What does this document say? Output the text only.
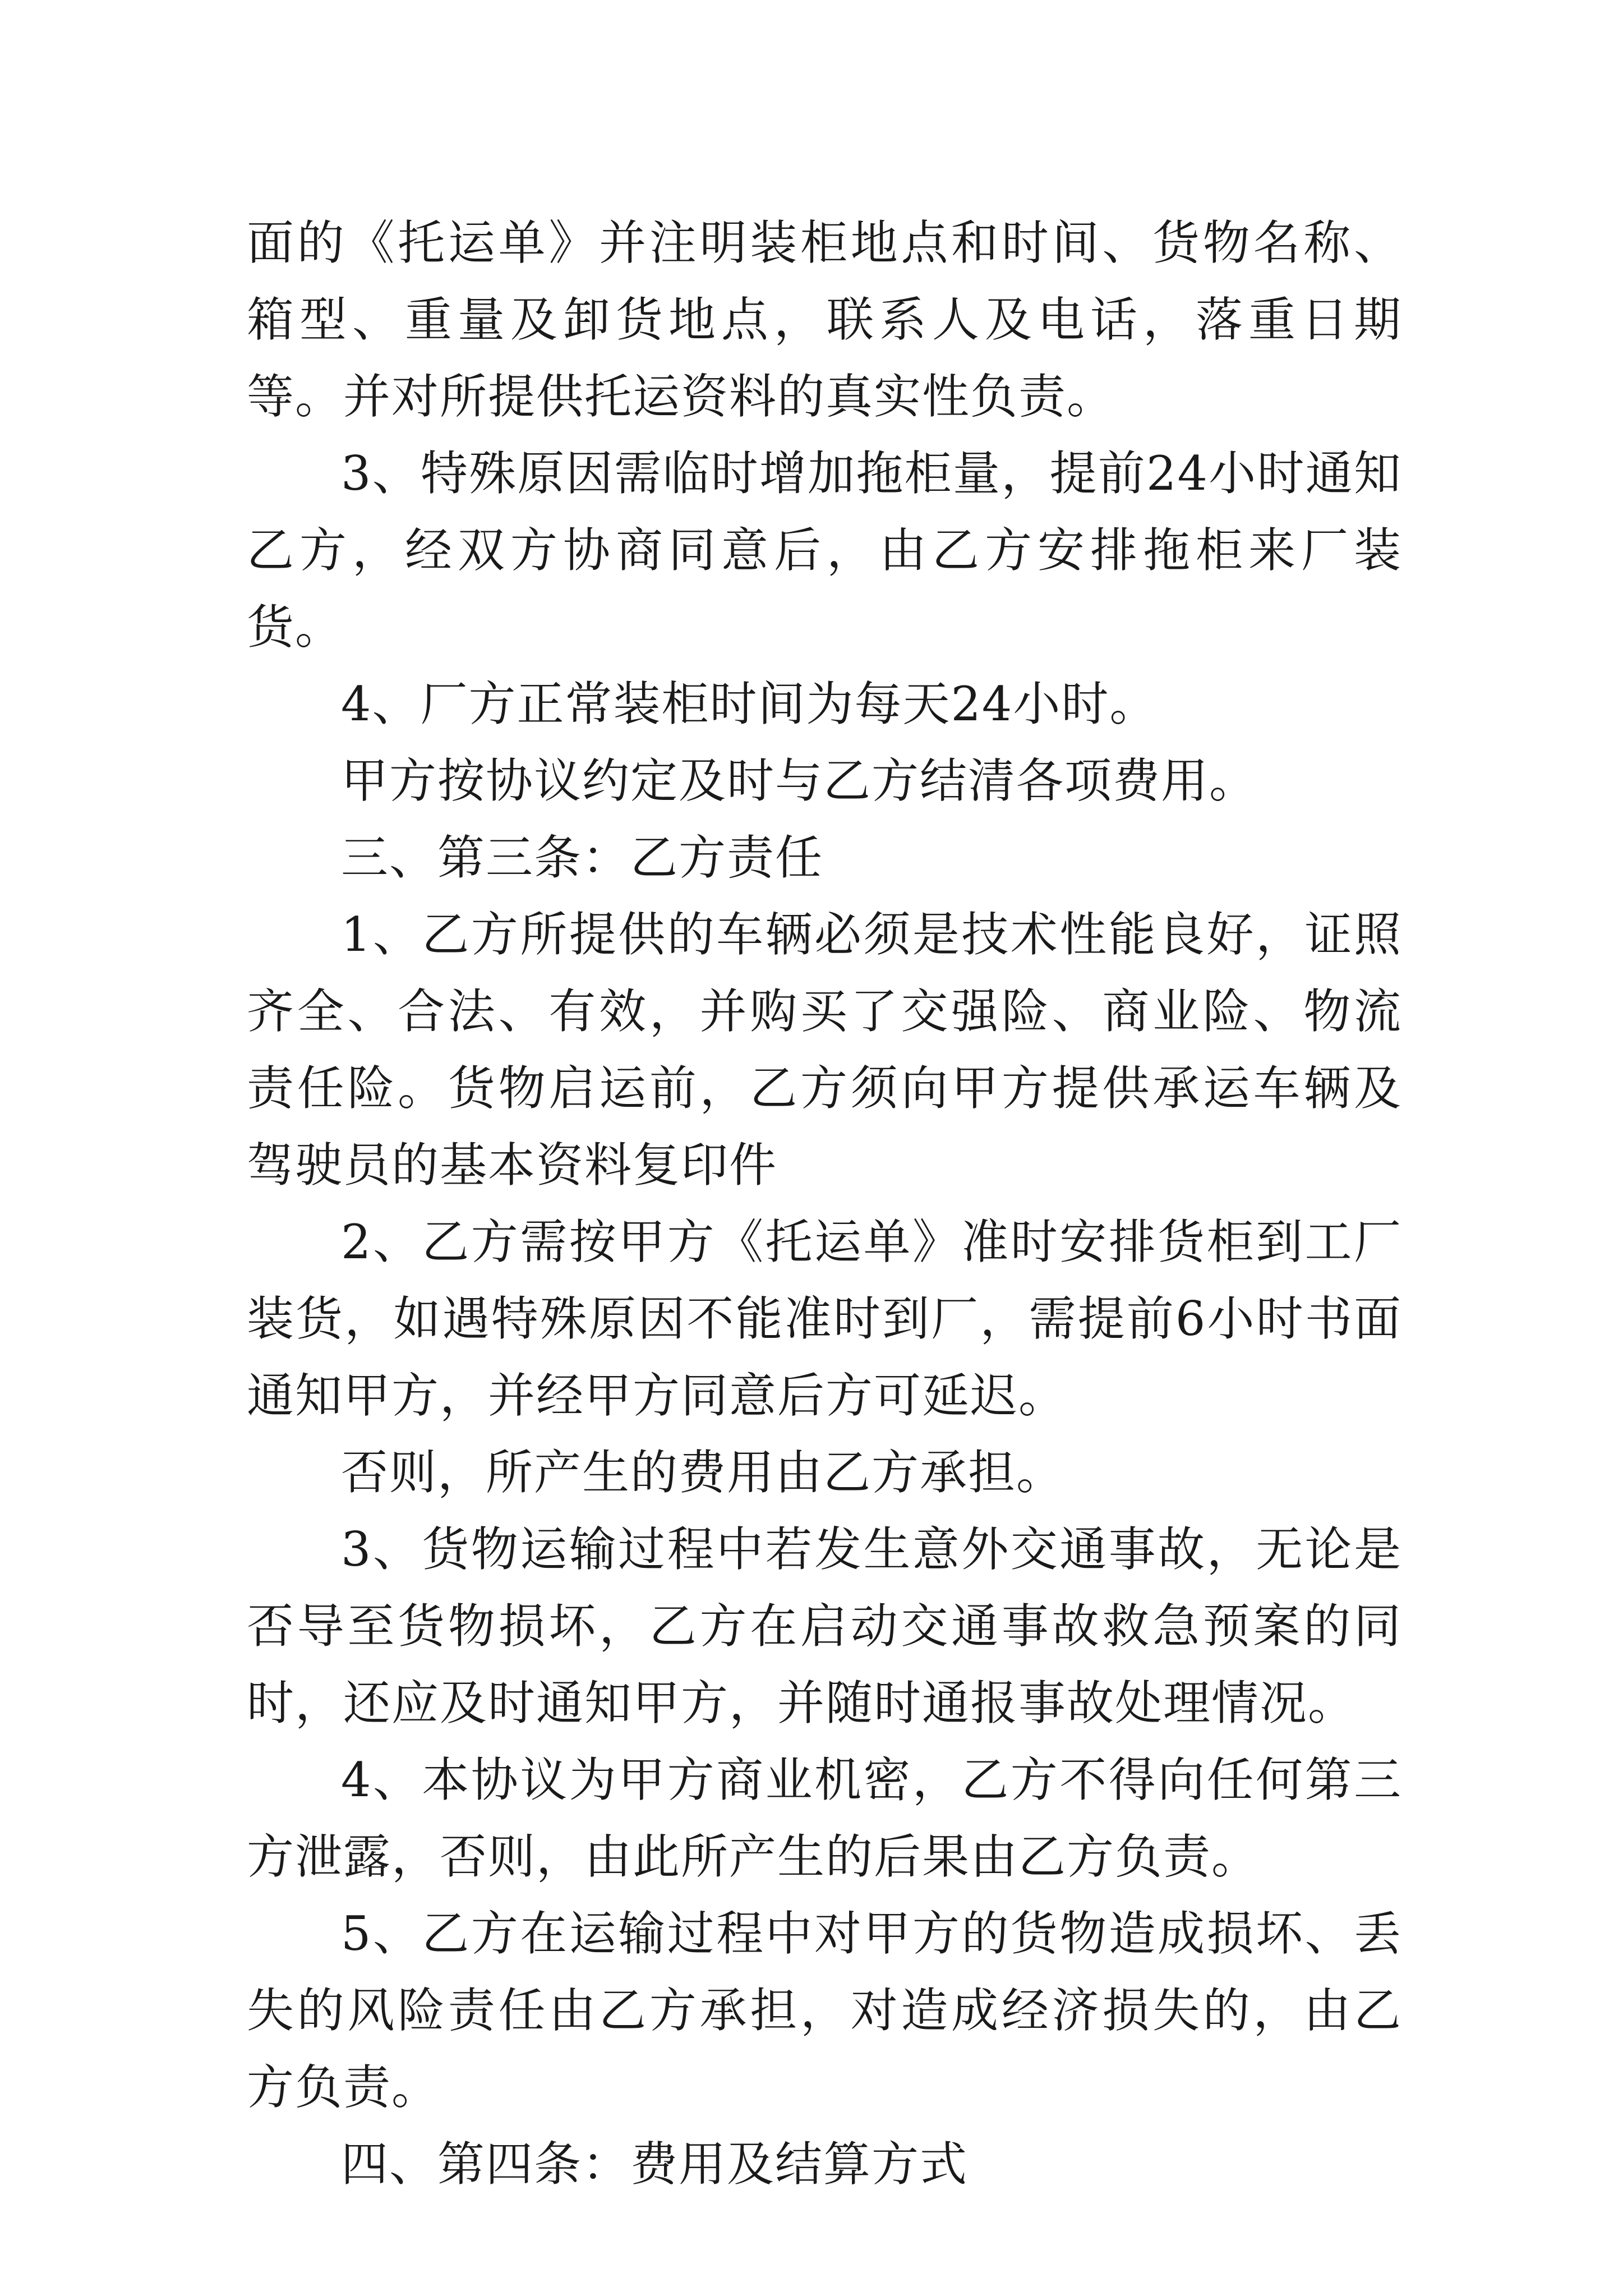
面的《托运单》并注明装柜地点和时间、货物名称、箱型、重量及卸货地点，联系人及电话，落重日期等。并对所提供托运资料的真实性负责。

3、特殊原因需临时增加拖柜量，提前24小时通知乙方，经双方协商同意后，由乙方安排拖柜来厂装货。

4、厂方正常装柜时间为每天24小时。

甲方按协议约定及时与乙方结清各项费用。

三、第三条：乙方责任

1、乙方所提供的车辆必须是技术性能良好，证照齐全、合法、有效，并购买了交强险、商业险、物流责任险。货物启运前，乙方须向甲方提供承运车辆及驾驶员的基本资料复印件

2、乙方需按甲方《托运单》准时安排货柜到工厂装货，如遇特殊原因不能准时到厂，需提前6小时书面通知甲方，并经甲方同意后方可延迟。

否则，所产生的费用由乙方承担。

3、货物运输过程中若发生意外交通事故，无论是否导至货物损坏，乙方在启动交通事故救急预案的同时，还应及时通知甲方，并随时通报事故处理情况。

4、本协议为甲方商业机密，乙方不得向任何第三方泄露，否则，由此所产生的后果由乙方负责。

5、乙方在运输过程中对甲方的货物造成损坏、丢失的风险责任由乙方承担，对造成经济损失的，由乙方负责。

四、第四条：费用及结算方式
